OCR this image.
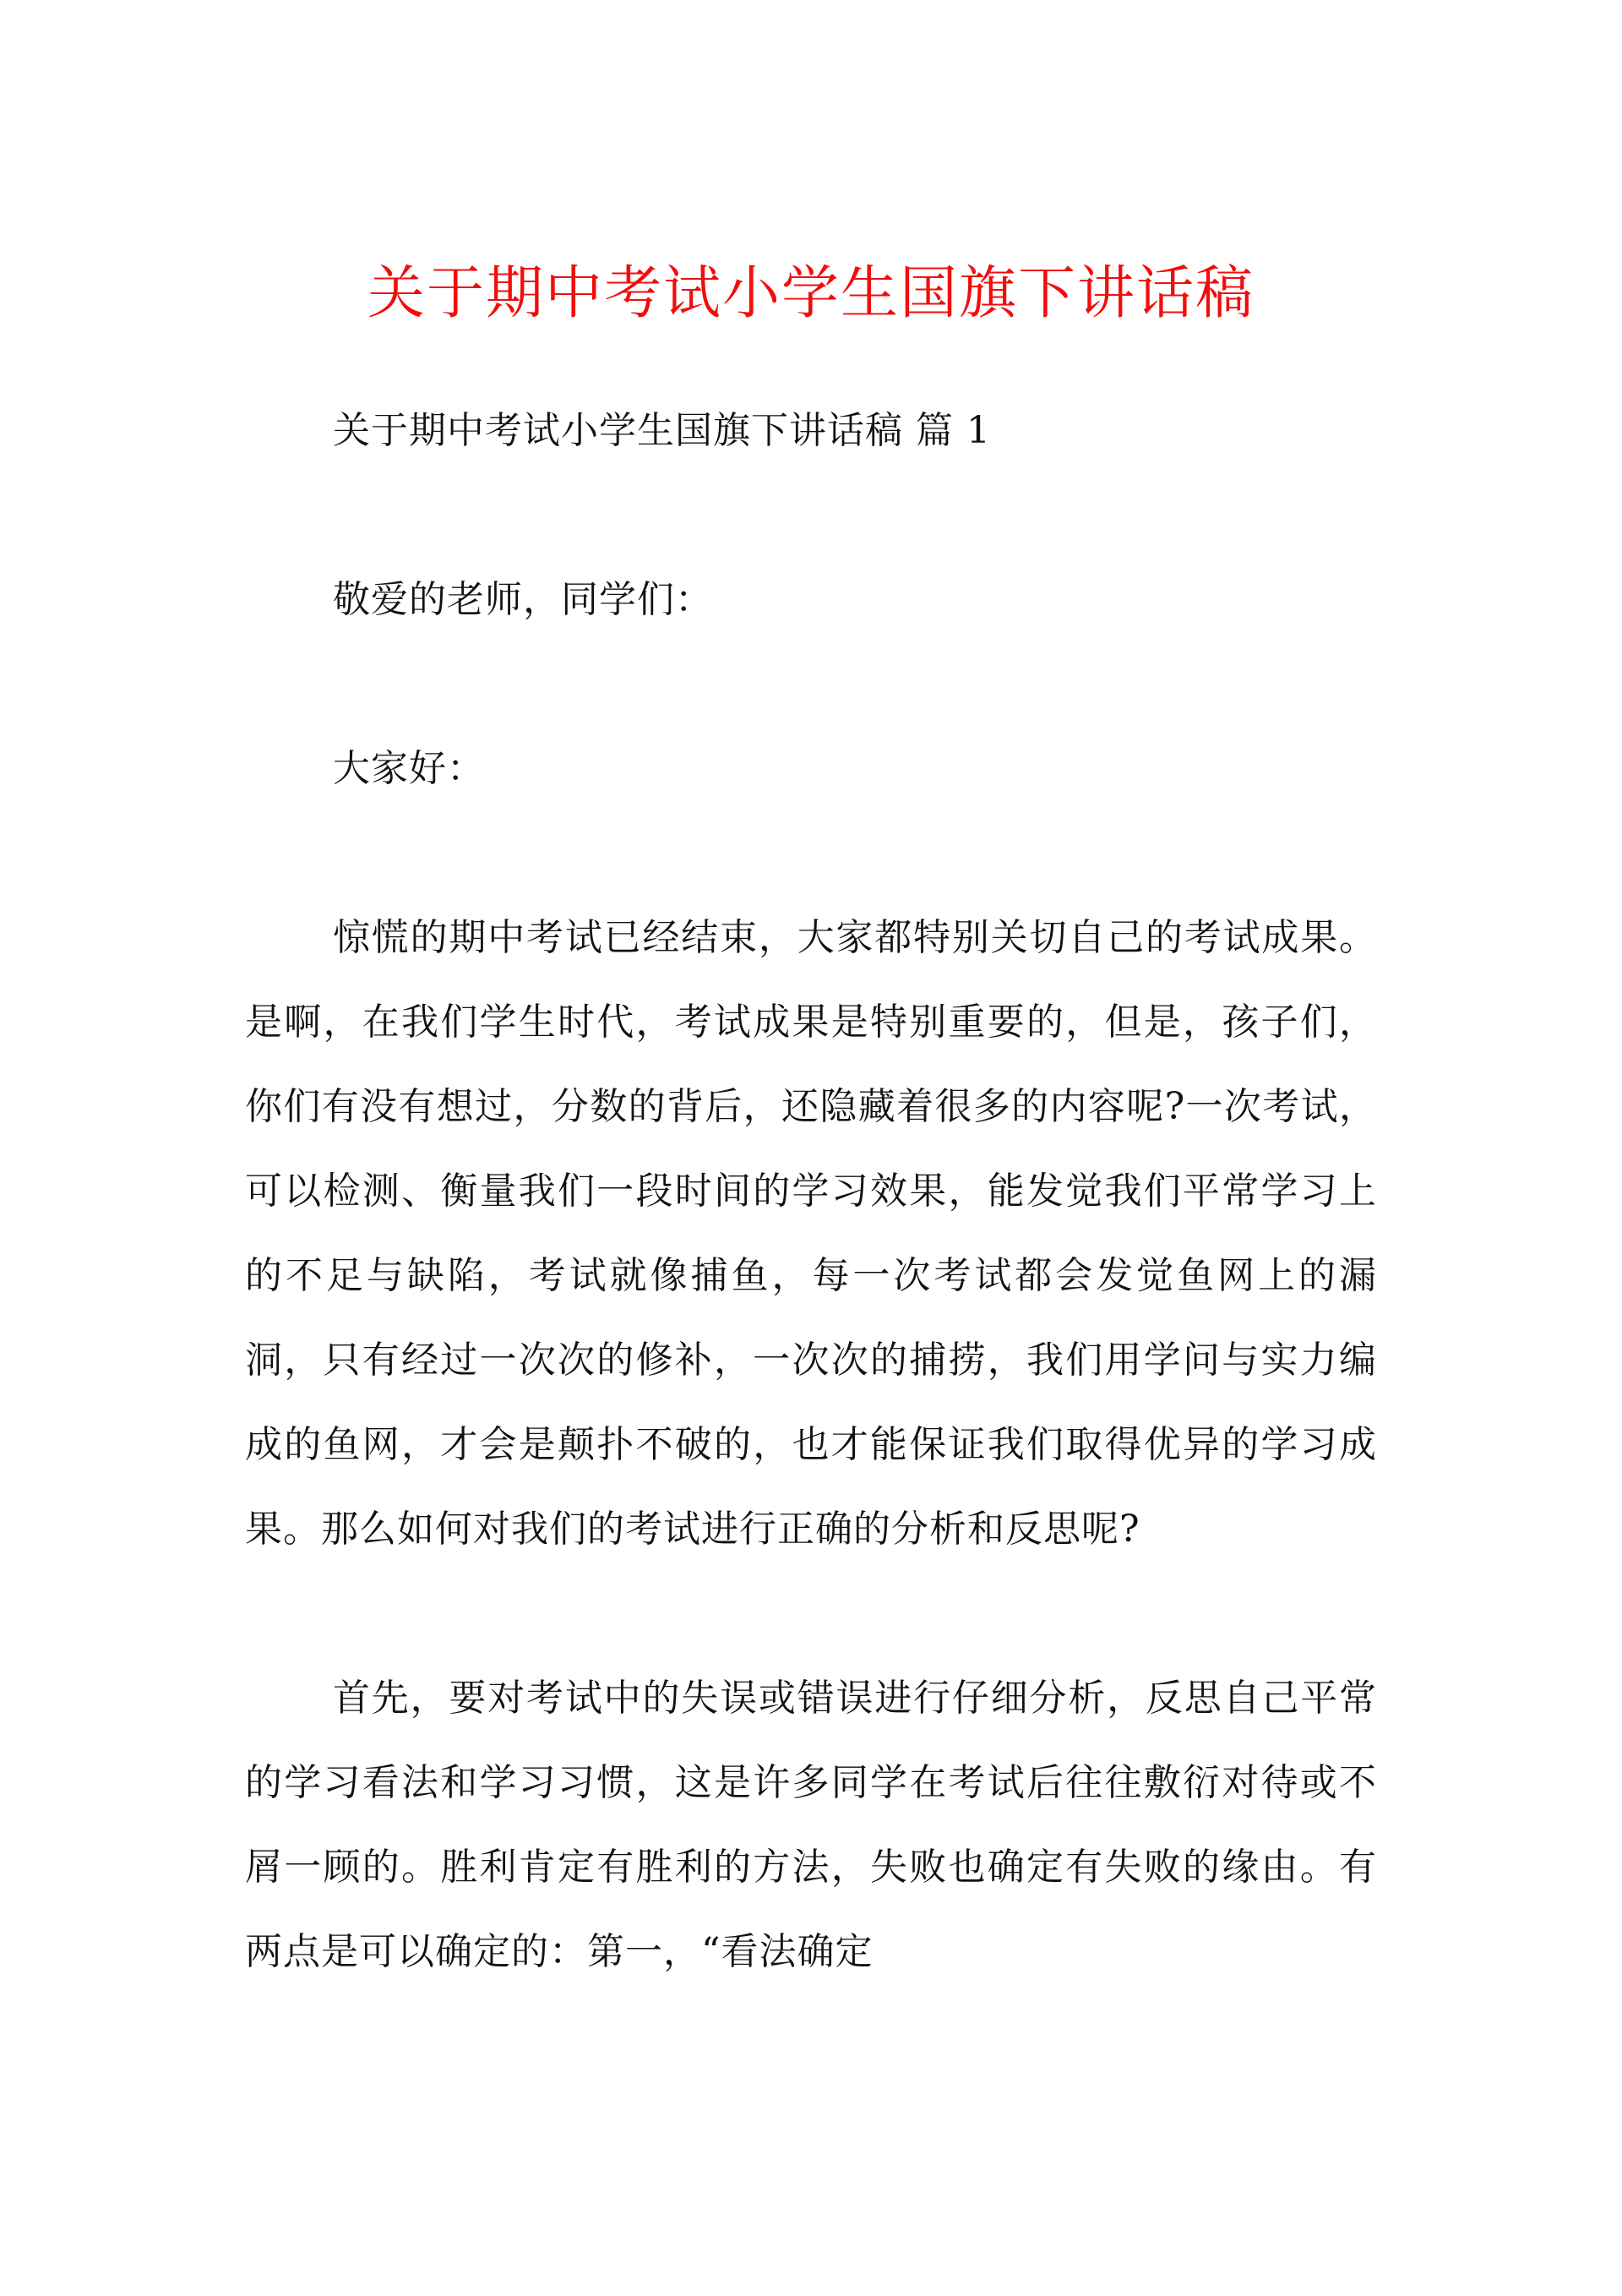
关于期中考试小学生国旗下讲话稿

关于期中考试小学生国旗下讲话稿 篇 1

敬爱的老师，同学们：

大家好：

惊慌的期中考试已经结束，大家都特别关切自己的考试成果。是啊，在我们学生时代，考试成果是特别重要的，但是，孩子们，你们有没有想过，分数的背后，还隐藏着很多的内容呢?一次考试，可以检测、衡量我们一段时间的学习效果，能发觉我们平常学习上的不足与缺陷，考试就像捕鱼，每一次考试都会发觉鱼网上的漏洞，只有经过一次次的修补，一次次的捕捞，我们用学问与实力编成的鱼网，才会是颠扑不破的，也才能保证我们取得优异的学习成果。那么如何对我们的考试进行正确的分析和反思呢?

首先，要对考试中的失误或错误进行仔细分析，反思自己平常的学习看法和学习习惯，这是许多同学在考试后往往敷衍对待或不屑一顾的。胜利肯定有胜利的方法，失败也确定有失败的缘由。有两点是可以确定的：第一，“看法确定
